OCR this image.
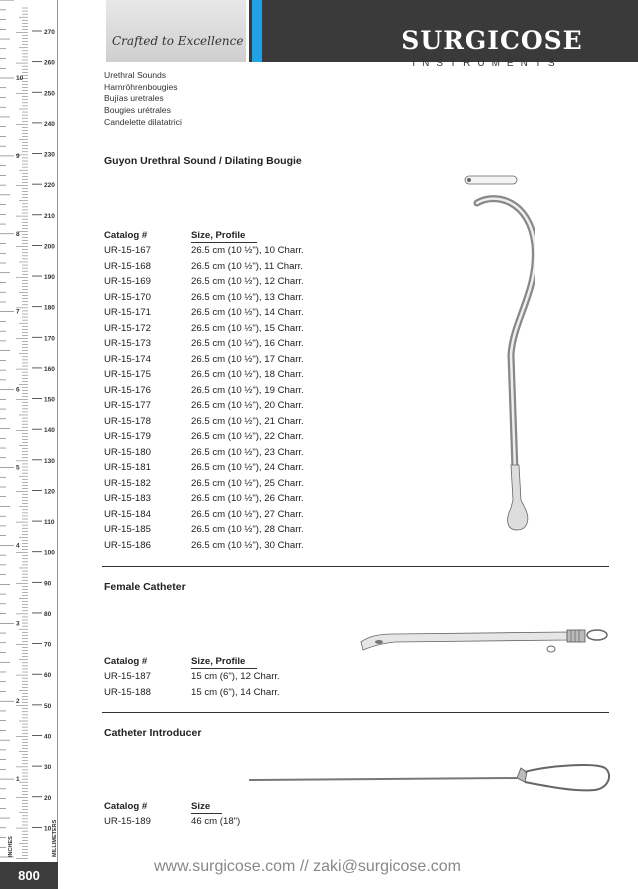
270
260
250
240
230
220
210
200
190
180
170
160
150
140
130
120
110
100
90
80
70
60
50
40
30
20
10
10
9
8
7
6
5
4
3
2
1
INCHES	MILLIMETERS
800
Crafted to Excellence	SURGICOSE
INSTRUMENTS
Urethral Sounds
Harnröhrenbougies
Bujías uretrales
Bougies urétrales
Candelette dilatatrici
Guyon Urethral Sound / Dilating Bougie
Catalog #	Size, Profile
UR-15-167	26.5 cm (10 ½"), 10 Charr.
UR-15-168	26.5 cm (10 ½"), 11 Charr.
UR-15-169	26.5 cm (10 ½"), 12 Charr.
UR-15-170	26.5 cm (10 ½"), 13 Charr.
UR-15-171	26.5 cm (10 ½"), 14 Charr.
UR-15-172	26.5 cm (10 ½"), 15 Charr.
UR-15-173	26.5 cm (10 ½"), 16 Charr.
UR-15-174	26.5 cm (10 ½"), 17 Charr.
UR-15-175	26.5 cm (10 ½"), 18 Charr.
UR-15-176	26.5 cm (10 ½"), 19 Charr.
UR-15-177	26.5 cm (10 ½"), 20 Charr.
UR-15-178	26.5 cm (10 ½"), 21 Charr.
UR-15-179	26.5 cm (10 ½"), 22 Charr.
UR-15-180	26.5 cm (10 ½"), 23 Charr.
UR-15-181	26.5 cm (10 ½"), 24 Charr.
UR-15-182	26.5 cm (10 ½"), 25 Charr.
UR-15-183	26.5 cm (10 ½"), 26 Charr.
UR-15-184	26.5 cm (10 ½"), 27 Charr.
UR-15-185	26.5 cm (10 ½"), 28 Charr.
UR-15-186	26.5 cm (10 ½"), 30 Charr.
Female Catheter
Catalog #	Size, Profile
UR-15-187	15 cm (6"), 12 Charr.
UR-15-188	15 cm (6"), 14 Charr.
Catheter Introducer
Catalog #	Size
UR-15-189	46 cm (18")
www.surgicose.com // zaki@surgicose.com
